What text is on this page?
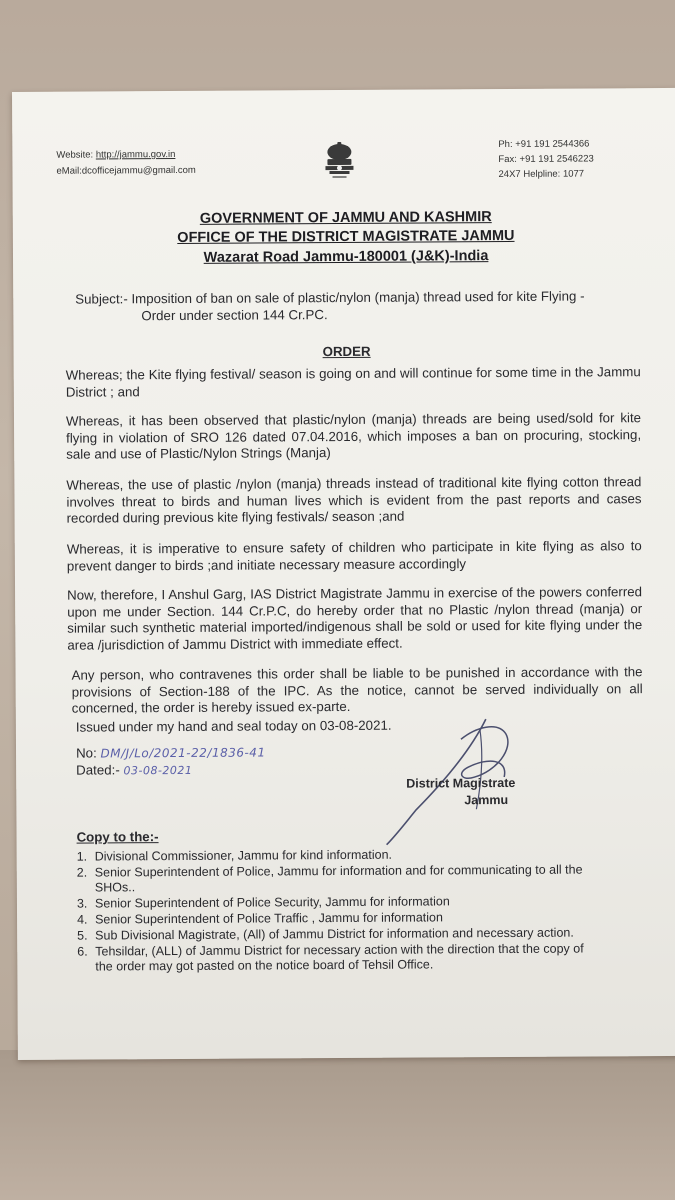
Website: http://jammu.gov.in
eMail:dcofficejammu@gmail.com
Ph: +91 191 2544366
Fax: +91 191 2546223
24X7 Helpline: 1077
GOVERNMENT OF JAMMU AND KASHMIR
OFFICE OF THE DISTRICT MAGISTRATE JAMMU
Wazarat Road Jammu-180001 (J&K)-India
Subject:- Imposition of ban on sale of plastic/nylon (manja) thread used for kite Flying -
Order under section 144 Cr.PC.
ORDER
Whereas; the Kite flying festival/ season is going on and will continue for some time in the Jammu District ; and
Whereas, it has been observed that plastic/nylon (manja) threads are being used/sold for kite flying in violation of SRO 126 dated 07.04.2016, which imposes a ban on procuring, stocking, sale and use of Plastic/Nylon Strings (Manja)
Whereas, the use of plastic /nylon (manja) threads instead of traditional kite flying cotton thread involves threat to birds and human lives which is evident from the past reports and cases recorded during previous kite flying festivals/ season ;and
Whereas, it is imperative to ensure safety of children who participate in kite flying as also to prevent danger to birds ;and initiate necessary measure accordingly
Now, therefore, I Anshul Garg, IAS District Magistrate Jammu in exercise of the powers conferred upon me under Section. 144 Cr.P.C, do hereby order that no Plastic /nylon thread (manja) or similar such synthetic material imported/indigenous shall be sold or used for kite flying under the area /jurisdiction of Jammu District with immediate effect.
Any person, who contravenes this order shall be liable to be punished in accordance with the provisions of Section-188 of the IPC. As the notice, cannot be served individually on all concerned, the order is hereby issued ex-parte.
Issued under my hand and seal today on 03-08-2021.
No: DM/J/Lo/2021-22/1836-41
Dated:- 03-08-2021
District Magistrate
Jammu
Copy to the:-
1. Divisional Commissioner, Jammu for kind information.
2. Senior Superintendent of Police, Jammu for information and for communicating to all the SHOs..
3. Senior Superintendent of Police Security, Jammu for information
4. Senior Superintendent of Police Traffic , Jammu for information
5. Sub Divisional Magistrate, (All) of Jammu District for information and necessary action.
6. Tehsildar, (ALL) of Jammu District for necessary action with the direction that the copy of the order may got pasted on the notice board of Tehsil Office.
